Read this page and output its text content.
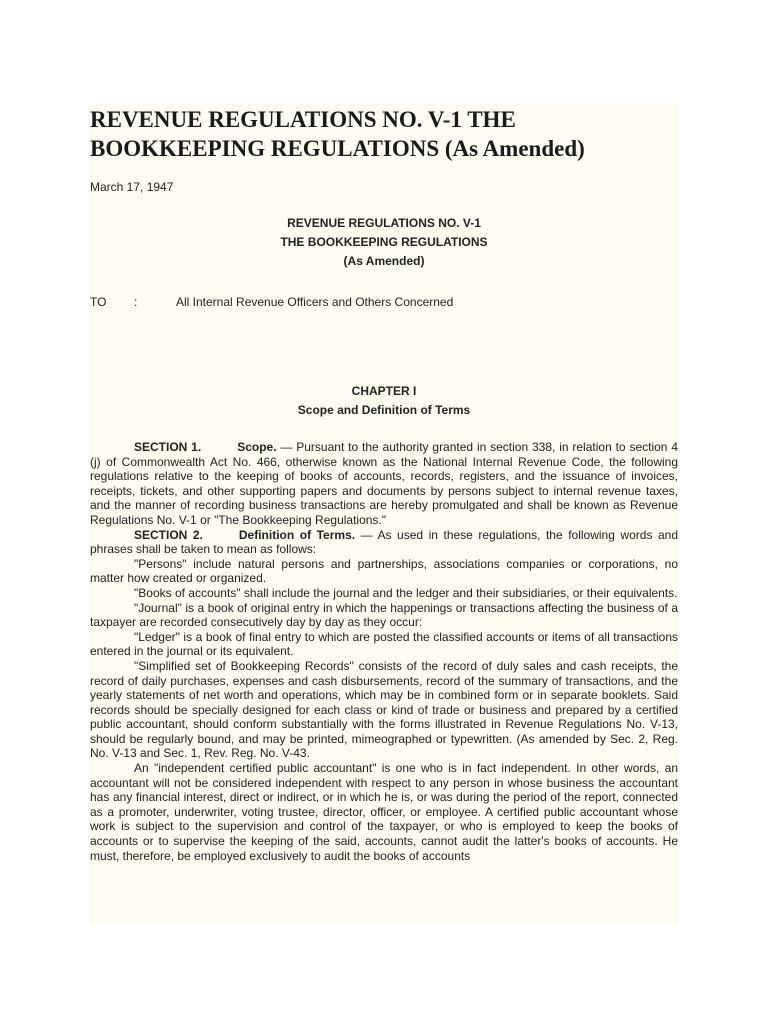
REVENUE REGULATIONS NO. V-1 THE BOOKKEEPING REGULATIONS (As Amended)
March 17, 1947
REVENUE REGULATIONS NO. V-1
THE BOOKKEEPING REGULATIONS
(As Amended)
TO	:	All Internal Revenue Officers and Others Concerned
CHAPTER I
Scope and Definition of Terms

SECTION 1.	Scope. — Pursuant to the authority granted in section 338, in relation to section 4 (j) of Commonwealth Act No. 466, otherwise known as the National Internal Revenue Code, the following regulations relative to the keeping of books of accounts, records, registers, and the issuance of invoices, receipts, tickets, and other supporting papers and documents by persons subject to internal revenue taxes, and the manner of recording business transactions are hereby promulgated and shall be known as Revenue Regulations No. V-1 or "The Bookkeeping Regulations."

SECTION 2.	Definition of Terms. — As used in these regulations, the following words and phrases shall be taken to mean as follows:

"Persons" include natural persons and partnerships, associations companies or corporations, no matter how created or organized.

"Books of accounts" shall include the journal and the ledger and their subsidiaries, or their equivalents.

"Journal" is a book of original entry in which the happenings or transactions affecting the business of a taxpayer are recorded consecutively day by day as they occur:

"Ledger" is a book of final entry to which are posted the classified accounts or items of all transactions entered in the journal or its equivalent.

"Simplified set of Bookkeeping Records" consists of the record of duly sales and cash receipts, the record of daily purchases, expenses and cash disbursements, record of the summary of transactions, and the yearly statements of net worth and operations, which may be in combined form or in separate booklets. Said records should be specially designed for each class or kind of trade or business and prepared by a certified public accountant, should conform substantially with the forms illustrated in Revenue Regulations No. V-13, should be regularly bound, and may be printed, mimeographed or typewritten. (As amended by Sec. 2, Reg. No. V-13 and Sec. 1, Rev. Reg. No. V-43.

An "independent certified public accountant" is one who is in fact independent. In other words, an accountant will not be considered independent with respect to any person in whose business the accountant has any financial interest, direct or indirect, or in which he is, or was during the period of the report, connected as a promoter, underwriter, voting trustee, director, officer, or employee. A certified public accountant whose work is subject to the supervision and control of the taxpayer, or who is employed to keep the books of accounts or to supervise the keeping of the said, accounts, cannot audit the latter's books of accounts. He must, therefore, be employed exclusively to audit the books of accounts
